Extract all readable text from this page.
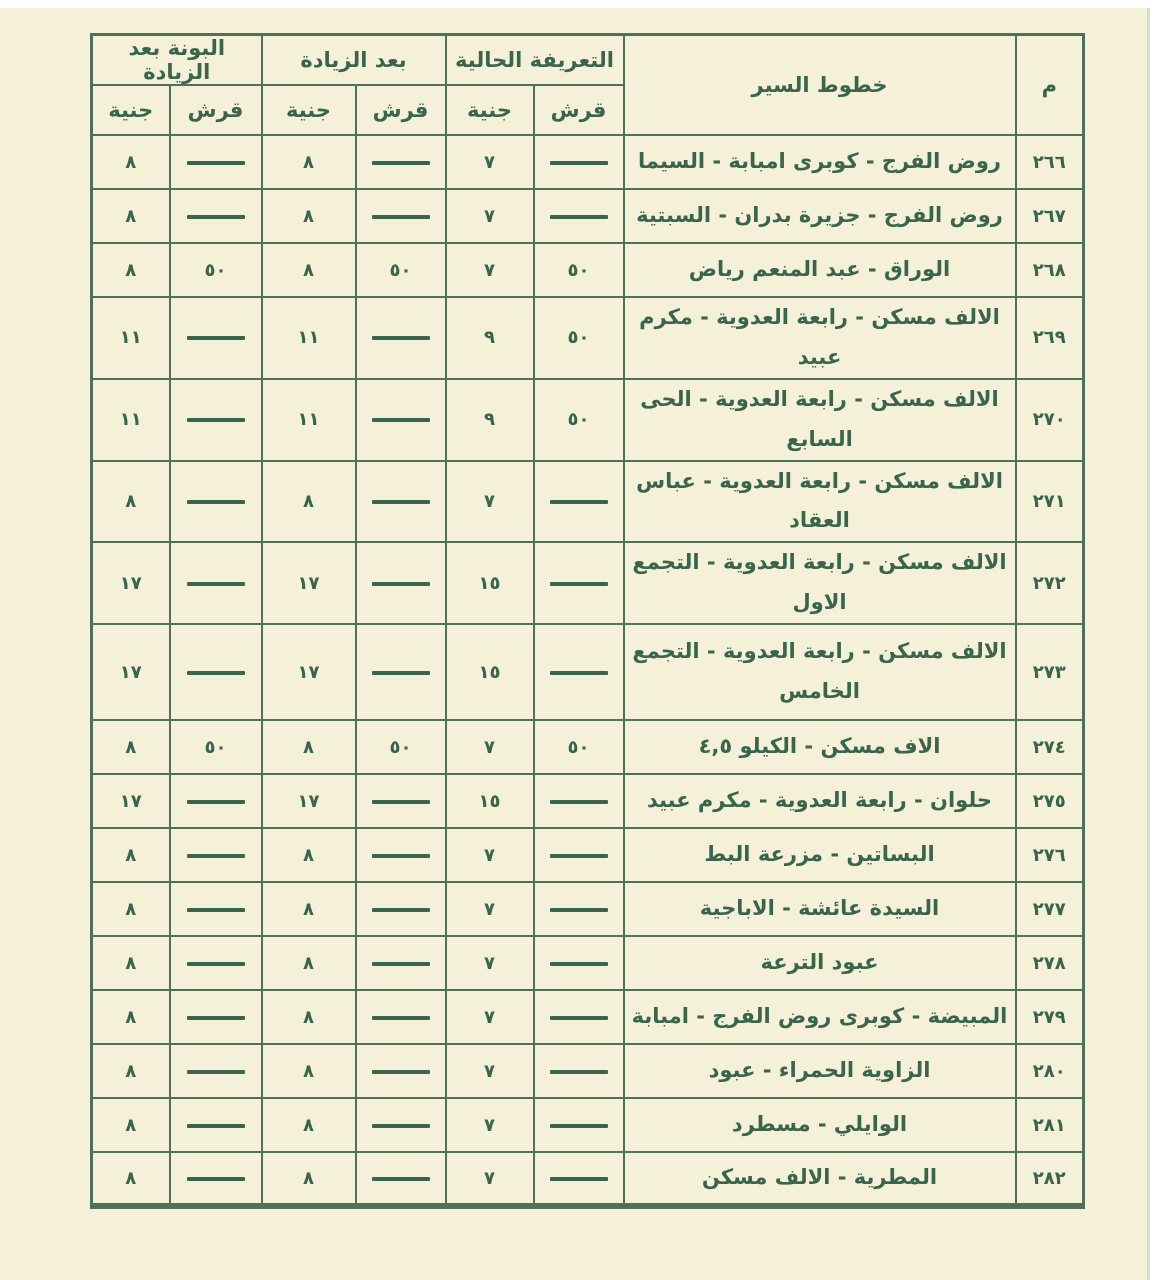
م	خطوط السير	التعريفة الحالية		بعد الزيادة		البونة بعد الزيادة	
		قرش	جنية	قرش	جنية	قرش	جنية
٢٦٦	روض الفرج - كوبرى امبابة - السيما		٧		٨		٨
٢٦٧	روض الفرج - جزيرة بدران - السبتية		٧		٨		٨
٢٦٨	الوراق - عبد المنعم رياض	٥٠	٧	٥٠	٨	٥٠	٨
٢٦٩	الالف مسكن - رابعة العدوية - مكرم عبيد	٥٠	٩		١١		١١
٢٧٠	الالف مسكن - رابعة العدوية - الحى السابع	٥٠	٩		١١		١١
٢٧١	الالف مسكن - رابعة العدوية - عباس العقاد		٧		٨		٨
٢٧٢	الالف مسكن - رابعة العدوية - التجمع الاول		١٥		١٧		١٧
٢٧٣	الالف مسكن - رابعة العدوية - التجمع الخامس		١٥		١٧		١٧
٢٧٤	الاف مسكن - الكيلو ٤,٥	٥٠	٧	٥٠	٨	٥٠	٨
٢٧٥	حلوان - رابعة العدوية - مكرم عبيد		١٥		١٧		١٧
٢٧٦	البساتين - مزرعة البط		٧		٨		٨
٢٧٧	السيدة عائشة - الاباجية		٧		٨		٨
٢٧٨	عبود الترعة		٧		٨		٨
٢٧٩	المبيضة - كوبرى روض الفرج - امبابة		٧		٨		٨
٢٨٠	الزاوية الحمراء - عبود		٧		٨		٨
٢٨١	الوايلي - مسطرد		٧		٨		٨
٢٨٢	المطرية - الالف مسكن		٧		٨		٨
